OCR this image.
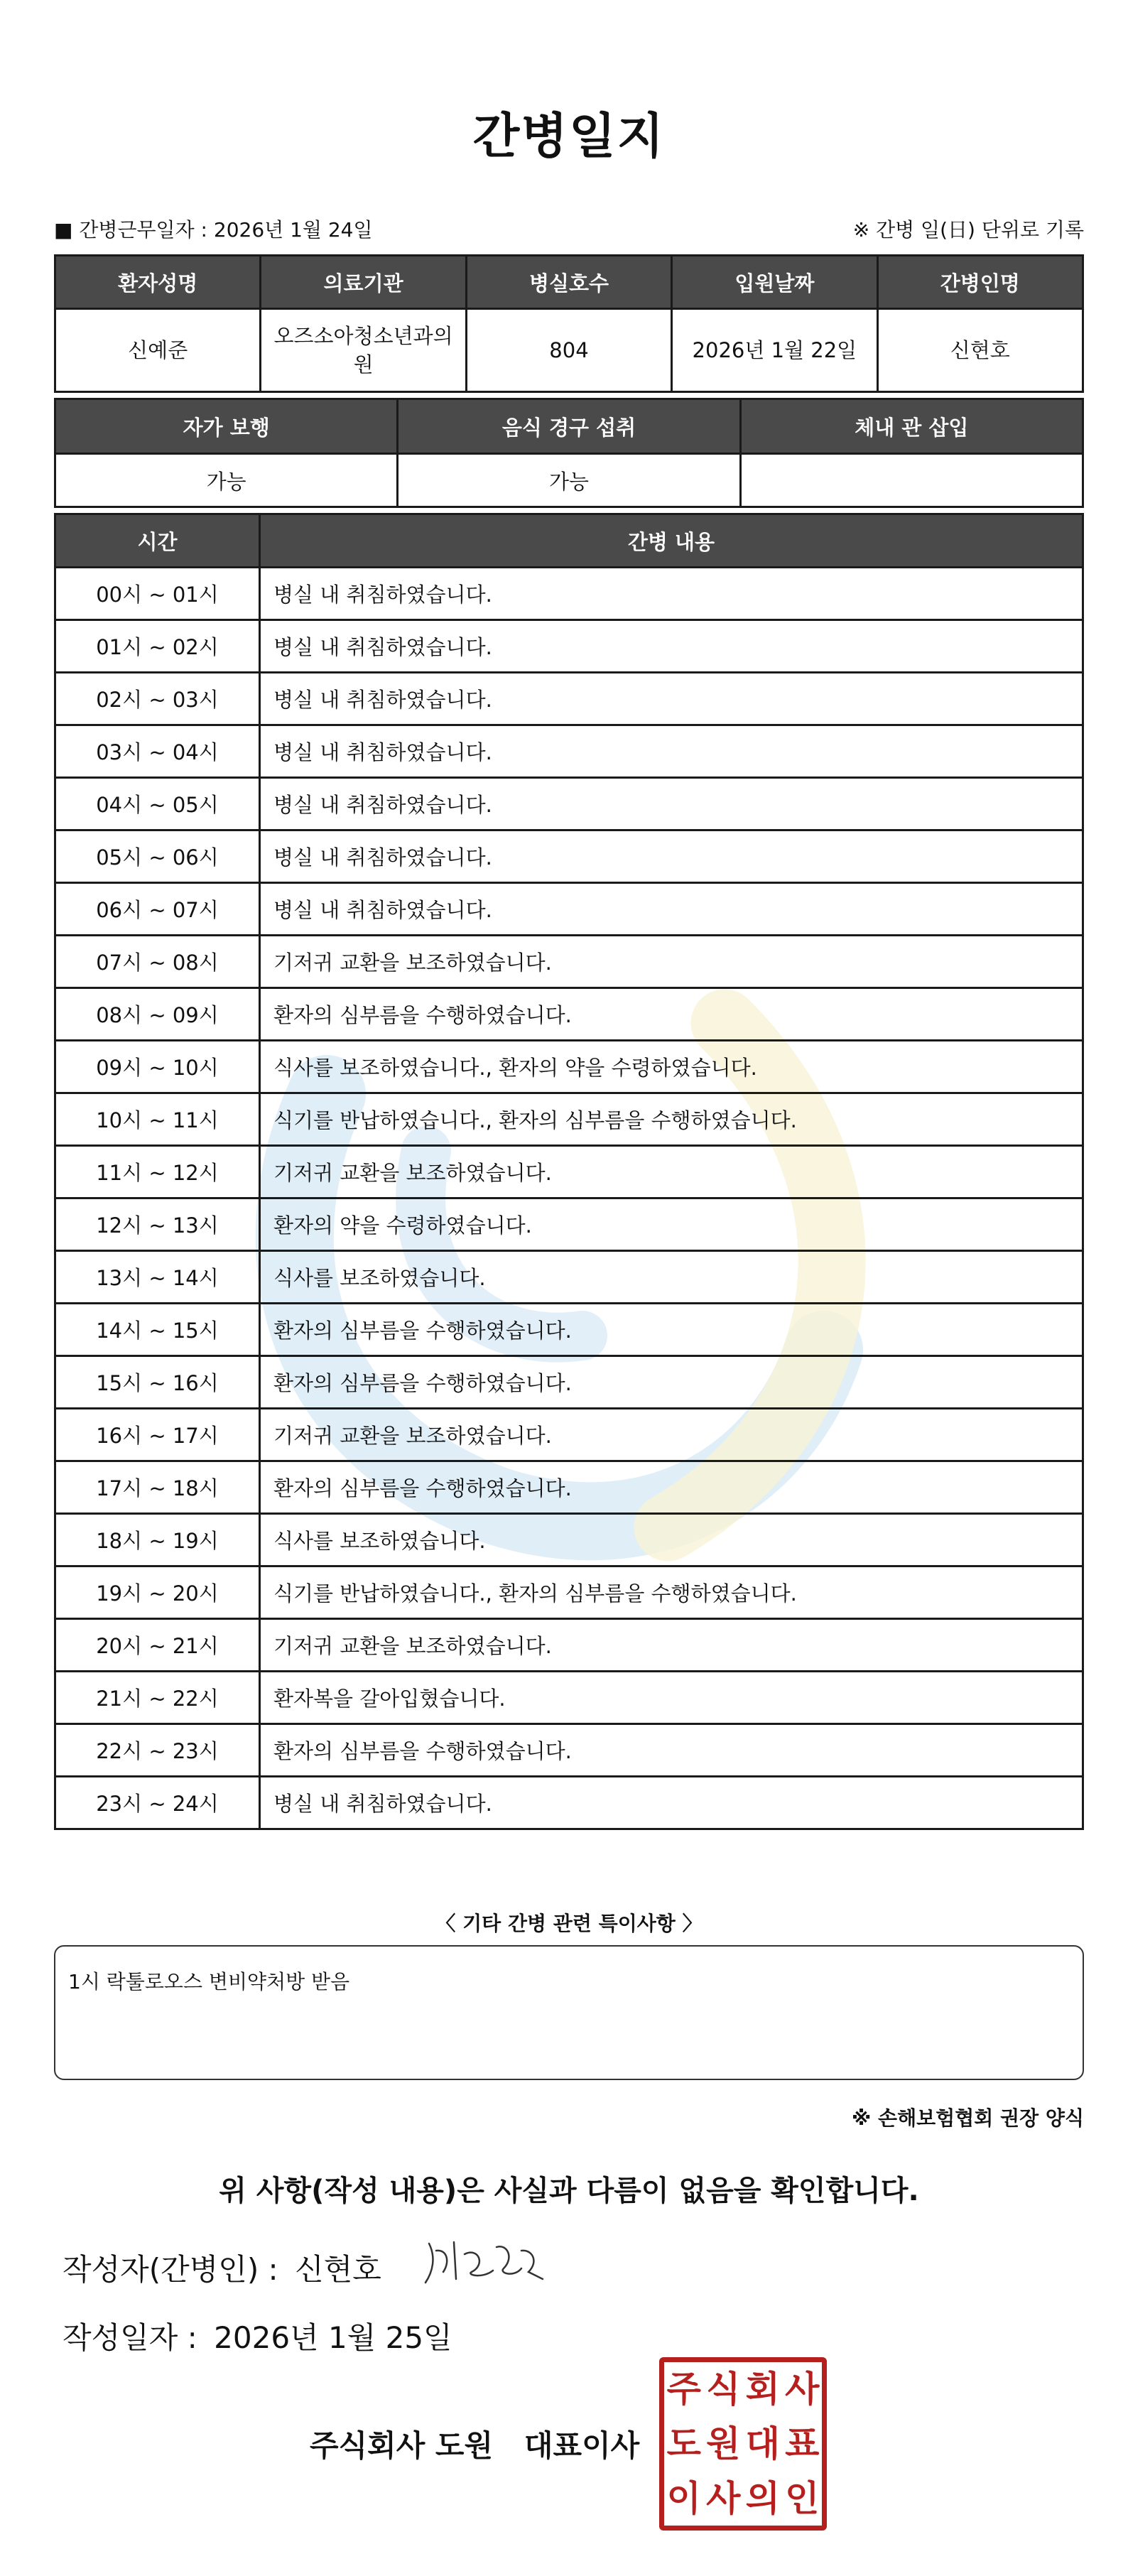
간병일지
■ 간병근무일자 : 2026년 1월 24일	※ 간병 일(日) 단위로 기록
환자성명	의료기관	병실호수	입원날짜	간병인명
신예준	오즈소아청소년과의원	804	2026년 1월 22일	신현호
자가 보행	음식 경구 섭취	체내 관 삽입
가능	가능	
시간	간병 내용
00시 ~ 01시	병실 내 취침하였습니다.
01시 ~ 02시	병실 내 취침하였습니다.
02시 ~ 03시	병실 내 취침하였습니다.
03시 ~ 04시	병실 내 취침하였습니다.
04시 ~ 05시	병실 내 취침하였습니다.
05시 ~ 06시	병실 내 취침하였습니다.
06시 ~ 07시	병실 내 취침하였습니다.
07시 ~ 08시	기저귀 교환을 보조하였습니다.
08시 ~ 09시	환자의 심부름을 수행하였습니다.
09시 ~ 10시	식사를 보조하였습니다., 환자의 약을 수령하였습니다.
10시 ~ 11시	식기를 반납하였습니다., 환자의 심부름을 수행하였습니다.
11시 ~ 12시	기저귀 교환을 보조하였습니다.
12시 ~ 13시	환자의 약을 수령하였습니다.
13시 ~ 14시	식사를 보조하였습니다.
14시 ~ 15시	환자의 심부름을 수행하였습니다.
15시 ~ 16시	환자의 심부름을 수행하였습니다.
16시 ~ 17시	기저귀 교환을 보조하였습니다.
17시 ~ 18시	환자의 심부름을 수행하였습니다.
18시 ~ 19시	식사를 보조하였습니다.
19시 ~ 20시	식기를 반납하였습니다., 환자의 심부름을 수행하였습니다.
20시 ~ 21시	기저귀 교환을 보조하였습니다.
21시 ~ 22시	환자복을 갈아입혔습니다.
22시 ~ 23시	환자의 심부름을 수행하였습니다.
23시 ~ 24시	병실 내 취침하였습니다.
〈 기타 간병 관련 특이사항 〉
1시 락툴로오스 변비약처방 받음
※ 손해보험협회 권장 양식
위 사항(작성 내용)은 사실과 다름이 없음을 확인합니다.
작성자(간병인) : 신현호
작성일자 : 2026년 1월 25일
주식회사 도원   대표이사
주 식 회 사
도 원 대 표
이 사 의 인
